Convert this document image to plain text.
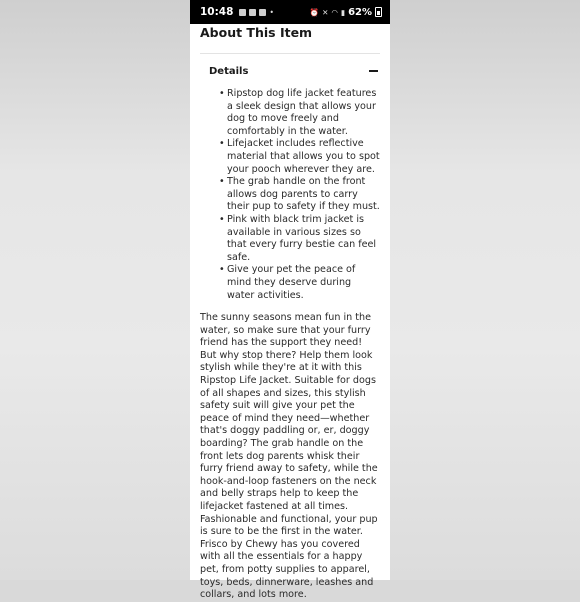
10:48	•	⏰ ✕ ◠ ▮ 62%
About This Item
Details
• Ripstop dog life jacket features a sleek design that allows your dog to move freely and comfortably in the water.
• Lifejacket includes reflective material that allows you to spot your pooch wherever they are.
• The grab handle on the front allows dog parents to carry their pup to safety if they must.
• Pink with black trim jacket is available in various sizes so that every furry bestie can feel safe.
• Give your pet the peace of mind they deserve during water activities.

The sunny seasons mean fun in the water, so make sure that your furry friend has the support they need! But why stop there? Help them look stylish while they're at it with this Ripstop Life Jacket. Suitable for dogs of all shapes and sizes, this stylish safety suit will give your pet the peace of mind they need—whether that's doggy paddling or, er, doggy boarding? The grab handle on the front lets dog parents whisk their furry friend away to safety, while the hook-and-loop fasteners on the neck and belly straps help to keep the lifejacket fastened at all times. Fashionable and functional, your pup is sure to be the first in the water. Frisco by Chewy has you covered with all the essentials for a happy pet, from potty supplies to apparel, toys, beds, dinnerware, leashes and collars, and lots more.
